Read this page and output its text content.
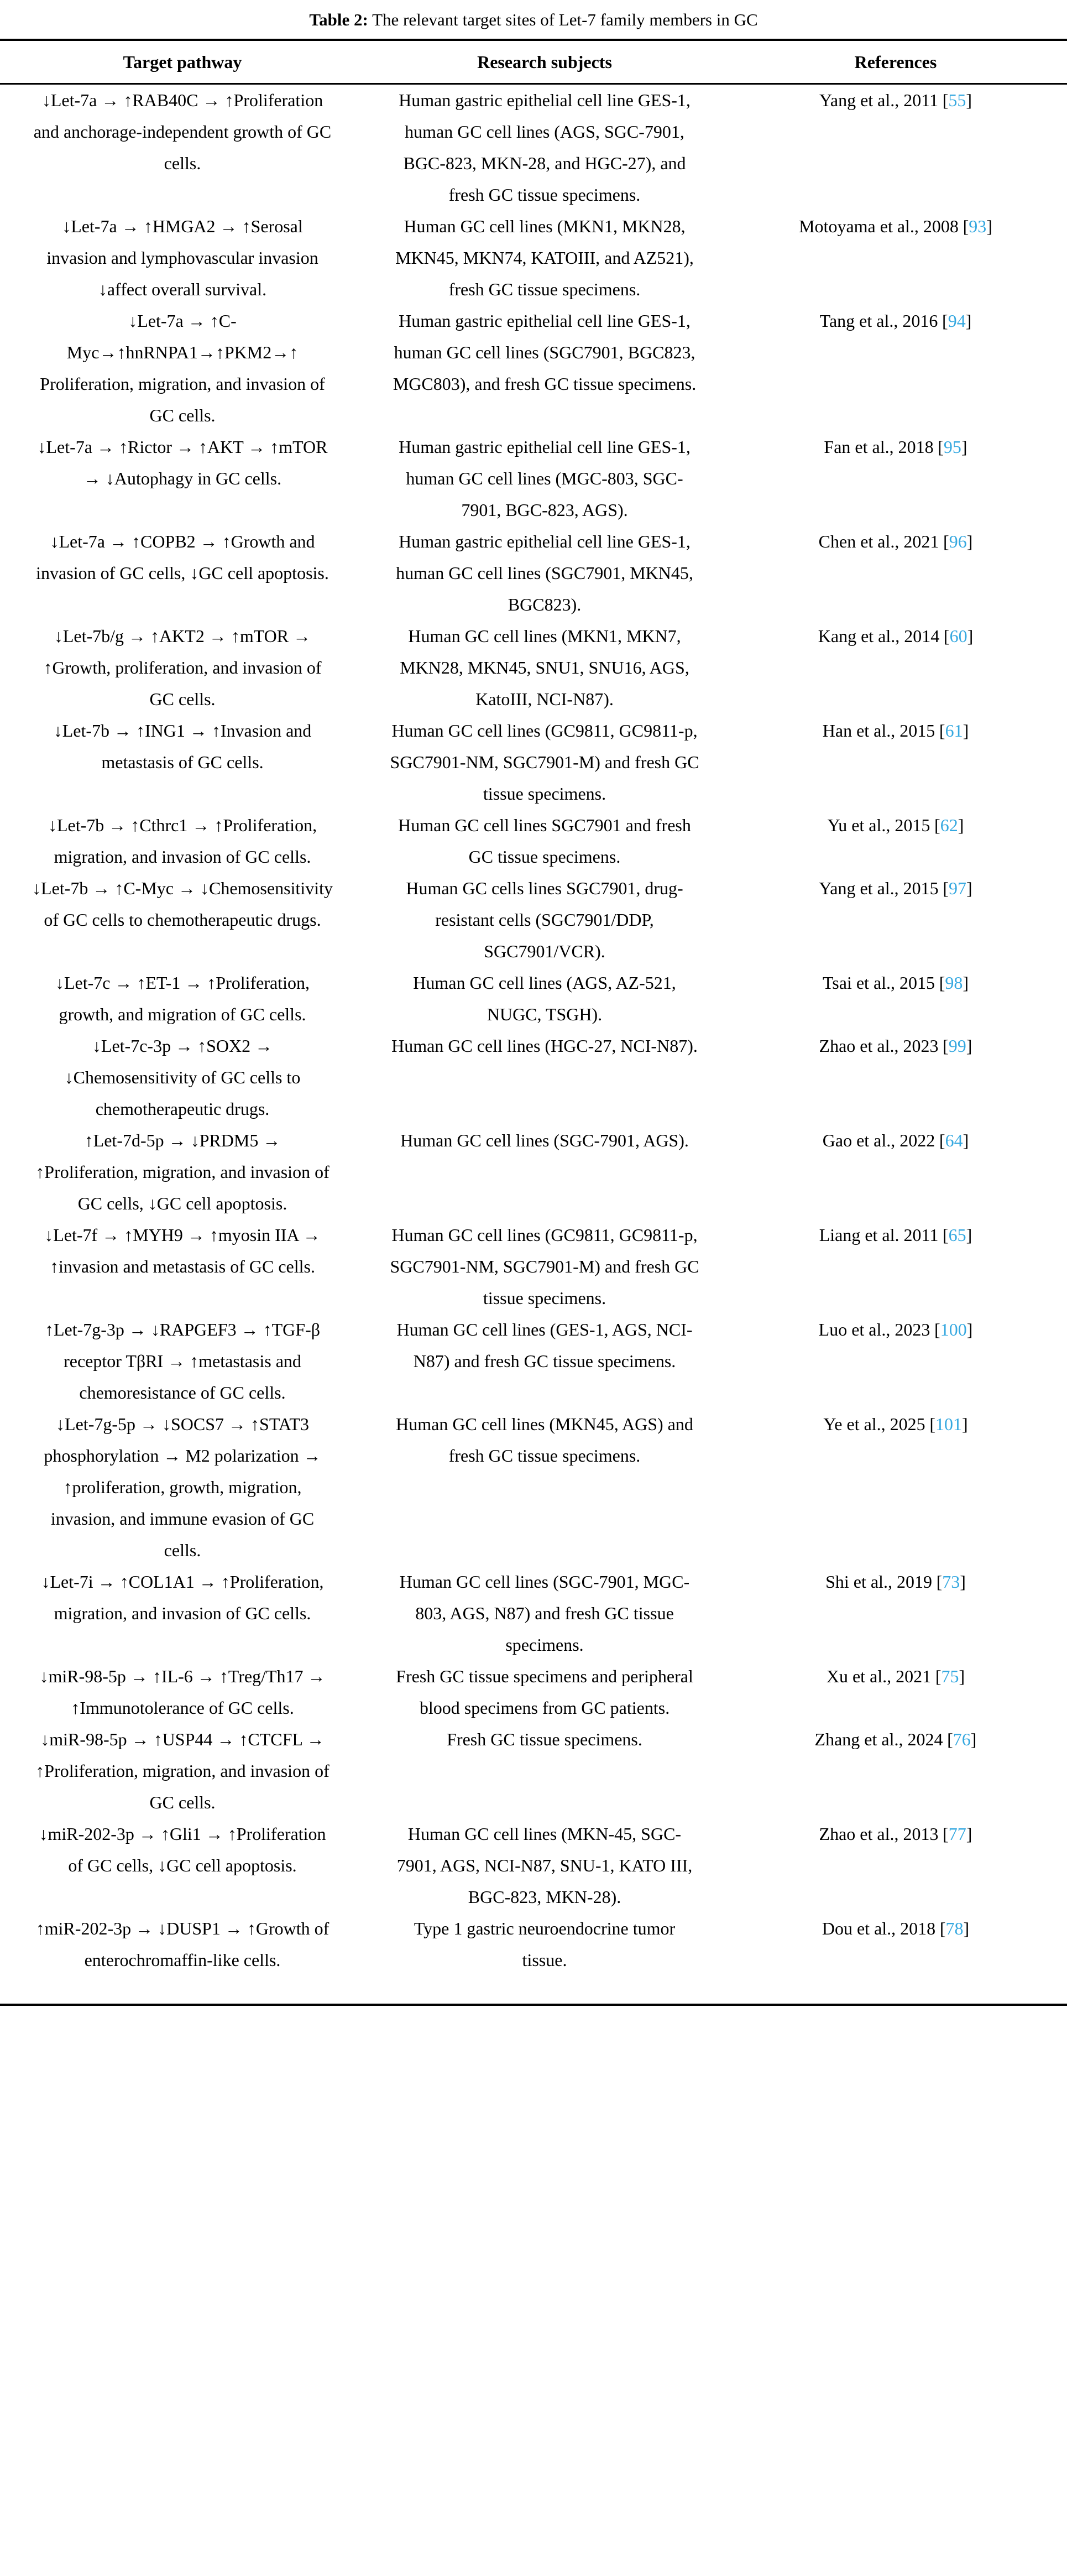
Table 2: The relevant target sites of Let-7 family members in GC
Target pathway	Research subjects	References
↓Let-7a → ↑RAB40C → ↑Proliferation and anchorage-independent growth of GC cells.	Human gastric epithelial cell line GES-1, human GC cell lines (AGS, SGC-7901, BGC-823, MKN-28, and HGC-27), and fresh GC tissue specimens.	Yang et al., 2011 [55]
↓Let-7a → ↑HMGA2 → ↑Serosal invasion and lymphovascular invasion ↓affect overall survival.	Human GC cell lines (MKN1, MKN28, MKN45, MKN74, KATOIII, and AZ521), fresh GC tissue specimens.	Motoyama et al., 2008 [93]
↓Let-7a → ↑C-Myc→↑hnRNPA1→↑PKM2→↑ Proliferation, migration, and invasion of GC cells.	Human gastric epithelial cell line GES-1, human GC cell lines (SGC7901, BGC823, MGC803), and fresh GC tissue specimens.	Tang et al., 2016 [94]
↓Let-7a → ↑Rictor → ↑AKT → ↑mTOR → ↓Autophagy in GC cells.	Human gastric epithelial cell line GES-1, human GC cell lines (MGC-803, SGC-7901, BGC-823, AGS).	Fan et al., 2018 [95]
↓Let-7a → ↑COPB2 → ↑Growth and invasion of GC cells, ↓GC cell apoptosis.	Human gastric epithelial cell line GES-1, human GC cell lines (SGC7901, MKN45, BGC823).	Chen et al., 2021 [96]
↓Let-7b/g → ↑AKT2 → ↑mTOR → ↑Growth, proliferation, and invasion of GC cells.	Human GC cell lines (MKN1, MKN7, MKN28, MKN45, SNU1, SNU16, AGS, KatoIII, NCI-N87).	Kang et al., 2014 [60]
↓Let-7b → ↑ING1 → ↑Invasion and metastasis of GC cells.	Human GC cell lines (GC9811, GC9811-p, SGC7901-NM, SGC7901-M) and fresh GC tissue specimens.	Han et al., 2015 [61]
↓Let-7b → ↑Cthrc1 → ↑Proliferation, migration, and invasion of GC cells.	Human GC cell lines SGC7901 and fresh GC tissue specimens.	Yu et al., 2015 [62]
↓Let-7b → ↑C-Myc → ↓Chemosensitivity of GC cells to chemotherapeutic drugs.	Human GC cells lines SGC7901, drug-resistant cells (SGC7901/DDP, SGC7901/VCR).	Yang et al., 2015 [97]
↓Let-7c → ↑ET-1 → ↑Proliferation, growth, and migration of GC cells.	Human GC cell lines (AGS, AZ-521, NUGC, TSGH).	Tsai et al., 2015 [98]
↓Let-7c-3p → ↑SOX2 → ↓Chemosensitivity of GC cells to chemotherapeutic drugs.	Human GC cell lines (HGC-27, NCI-N87).	Zhao et al., 2023 [99]
↑Let-7d-5p → ↓PRDM5 → ↑Proliferation, migration, and invasion of GC cells, ↓GC cell apoptosis.	Human GC cell lines (SGC-7901, AGS).	Gao et al., 2022 [64]
↓Let-7f → ↑MYH9 → ↑myosin IIA → ↑invasion and metastasis of GC cells.	Human GC cell lines (GC9811, GC9811-p, SGC7901-NM, SGC7901-M) and fresh GC tissue specimens.	Liang et al. 2011 [65]
↑Let-7g-3p → ↓RAPGEF3 → ↑TGF-β receptor TβRI → ↑metastasis and chemoresistance of GC cells.	Human GC cell lines (GES-1, AGS, NCI-N87) and fresh GC tissue specimens.	Luo et al., 2023 [100]
↓Let-7g-5p → ↓SOCS7 → ↑STAT3 phosphorylation → M2 polarization → ↑proliferation, growth, migration, invasion, and immune evasion of GC cells.	Human GC cell lines (MKN45, AGS) and fresh GC tissue specimens.	Ye et al., 2025 [101]
↓Let-7i → ↑COL1A1 → ↑Proliferation, migration, and invasion of GC cells.	Human GC cell lines (SGC-7901, MGC-803, AGS, N87) and fresh GC tissue specimens.	Shi et al., 2019 [73]
↓miR-98-5p → ↑IL-6 → ↑Treg/Th17 → ↑Immunotolerance of GC cells.	Fresh GC tissue specimens and peripheral blood specimens from GC patients.	Xu et al., 2021 [75]
↓miR-98-5p → ↑USP44 → ↑CTCFL → ↑Proliferation, migration, and invasion of GC cells.	Fresh GC tissue specimens.	Zhang et al., 2024 [76]
↓miR-202-3p → ↑Gli1 → ↑Proliferation of GC cells, ↓GC cell apoptosis.	Human GC cell lines (MKN-45, SGC-7901, AGS, NCI-N87, SNU-1, KATO III, BGC-823, MKN-28).	Zhao et al., 2013 [77]
↑miR-202-3p → ↓DUSP1 → ↑Growth of enterochromaffin-like cells.	Type 1 gastric neuroendocrine tumor tissue.	Dou et al., 2018 [78]
